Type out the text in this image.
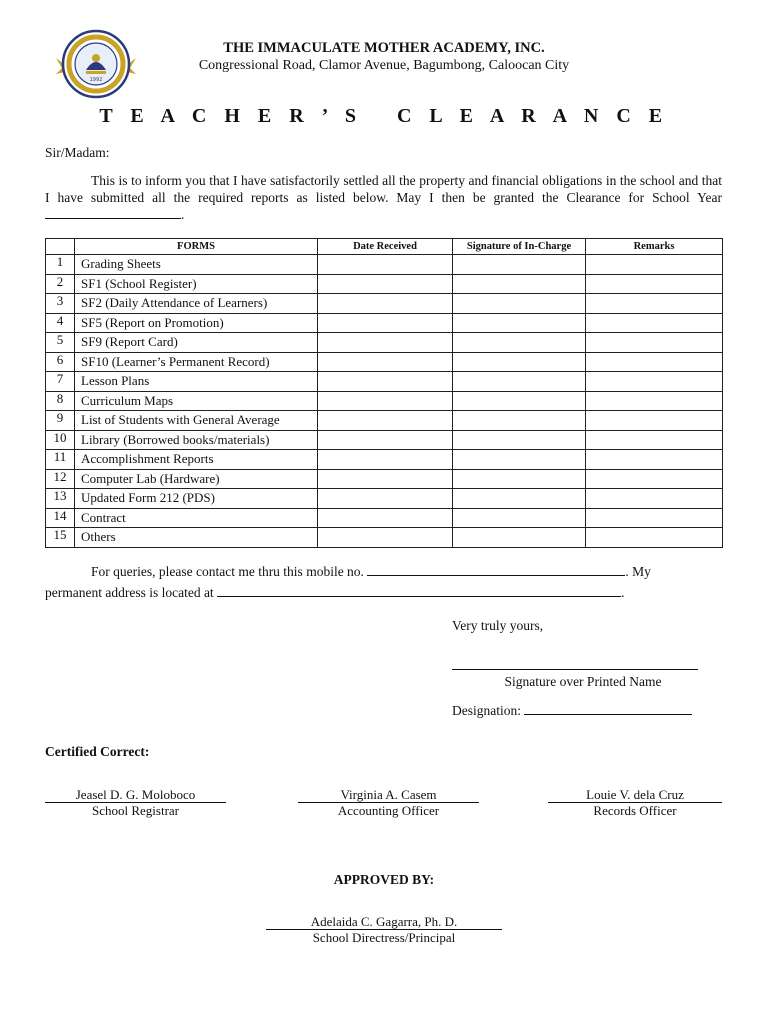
1992
THE IMMACULATE MOTHER ACADEMY, INC.
Congressional Road, Clamor Avenue, Bagumbong, Caloocan City
T E A C H E R ’ S   C L E A R A N C E
Sir/Madam:
This is to inform you that I have satisfactorily settled all the property and financial obligations in the school and that I have submitted all the required reports as listed below. May I then be granted the Clearance for School Year .
	FORMS	Date Received	Signature of In-Charge	Remarks
1	Grading Sheets			
2	SF1 (School Register)			
3	SF2 (Daily Attendance of Learners)			
4	SF5 (Report on Promotion)			
5	SF9 (Report Card)			
6	SF10 (Learner’s Permanent Record)			
7	Lesson Plans			
8	Curriculum Maps			
9	List of Students with General Average			
10	Library (Borrowed books/materials)			
11	Accomplishment Reports			
12	Computer Lab (Hardware)			
13	Updated Form 212 (PDS)			
14	Contract			
15	Others			
For queries, please contact me thru this mobile no.	. My
permanent address is located at	.
Very truly yours,
Signature over Printed Name
Designation:
Certified Correct:
Jeasel D. G. Moloboco
School Registrar
Virginia A. Casem
Accounting Officer
Louie V. dela Cruz
Records Officer
APPROVED BY:
Adelaida C. Gagarra, Ph. D.
School Directress/Principal
